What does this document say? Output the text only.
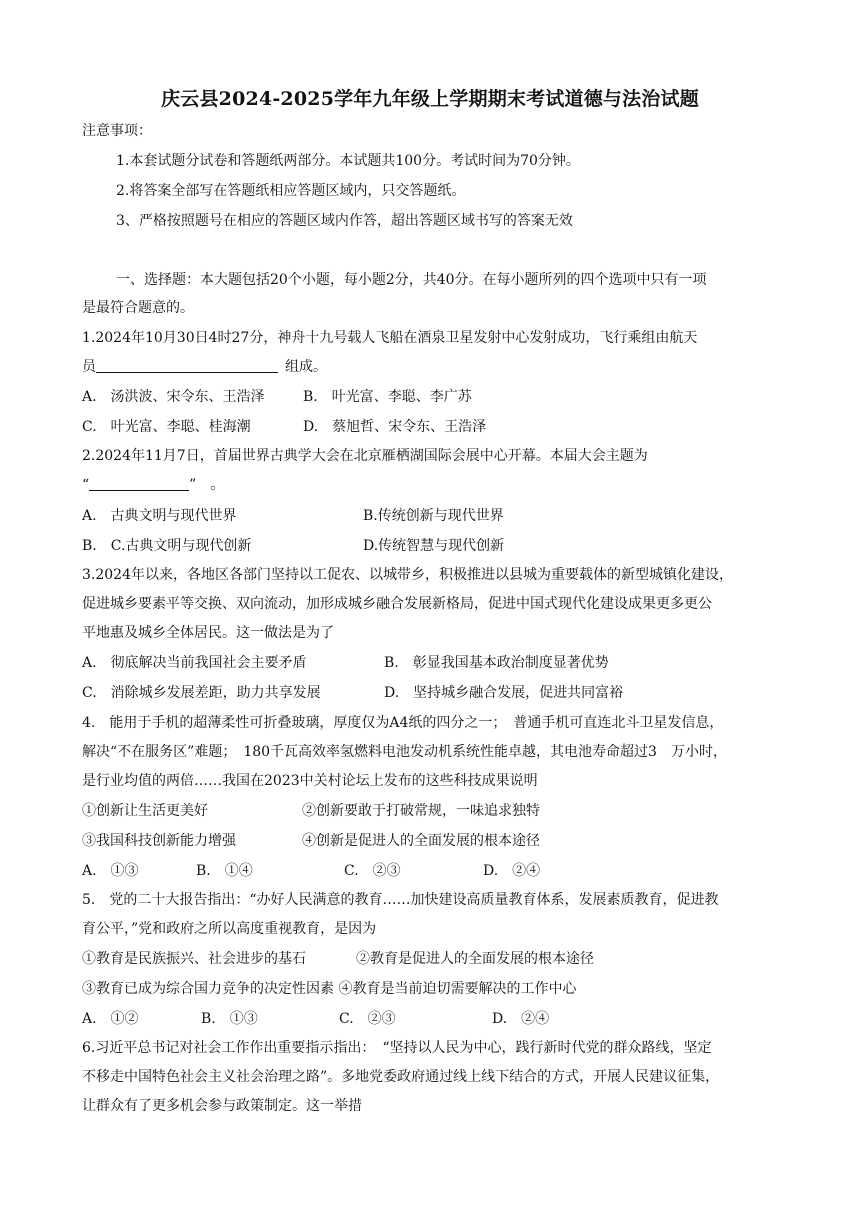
庆云县2024-2025学年九年级上学期期末考试道德与法治试题
注意事项：
1.本套试题分试卷和答题纸两部分。本试题共100分。考试时间为70分钟。
2.将答案全部写在答题纸相应答题区域内，只交答题纸。
3、严格按照题号在相应的答题区域内作答，超出答题区域书写的答案无效
一、选择题：本大题包括20个小题，每小题2分，共40分。在每小题所列的四个选项中只有一项
是最符合题意的。
1.2024年10月30日4时27分，神舟十九号载人飞船在酒泉卫星发射中心发射成功，飞行乘组由航天
员 	组成。
A.　汤洪波、宋令东、王浩泽	B.　叶光富、李聪、李广苏
C.　叶光富、李聪、桂海潮	D.　蔡旭哲、宋令东、王浩泽
2.2024年11月7日，首届世界古典学大会在北京雁栖湖国际会展中心开幕。本届大会主题为
“	”　。
A.　古典文明与现代世界	B.传统创新与现代世界
B.　C.古典文明与现代创新	D.传统智慧与现代创新
3.2024年以来，各地区各部门坚持以工促农、以城带乡，积极推进以县城为重要载体的新型城镇化建设，
促进城乡要素平等交换、双向流动，加形成城乡融合发展新格局，促进中国式现代化建设成果更多更公
平地惠及城乡全体居民。这一做法是为了
A.　彻底解决当前我国社会主要矛盾	B.　彰显我国基本政治制度显著优势
C.　消除城乡发展差距，助力共享发展	D.　坚持城乡融合发展，促进共同富裕
4.　能用于手机的超薄柔性可折叠玻璃，厚度仅为A4纸的四分之一；　普通手机可直连北斗卫星发信息，
解决“不在服务区”难题；　180千瓦高效率氢燃料电池发动机系统性能卓越，其电池寿命超过3　万小时，
是行业均值的两倍……我国在2023中关村论坛上发布的这些科技成果说明
①创新让生活更美好	②创新要敢于打破常规，一味追求独特
③我国科技创新能力增强	④创新是促进人的全面发展的根本途径
A.　①③	B.　①④	C.　②③	D.　②④
5.　党的二十大报告指出：“办好人民满意的教育……加快建设高质量教育体系，发展素质教育，促进教
育公平，”党和政府之所以高度重视教育，是因为
①教育是民族振兴、社会进步的基石	②教育是促进人的全面发展的根本途径
③教育已成为综合国力竞争的决定性因素 ④教育是当前迫切需要解决的工作中心
A.　①②	B.　①③	C.　②③	D.　②④
6.习近平总书记对社会工作作出重要指示指出：　“坚持以人民为中心，践行新时代党的群众路线，坚定
不移走中国特色社会主义社会治理之路”。多地党委政府通过线上线下结合的方式，开展人民建议征集，
让群众有了更多机会参与政策制定。这一举措
